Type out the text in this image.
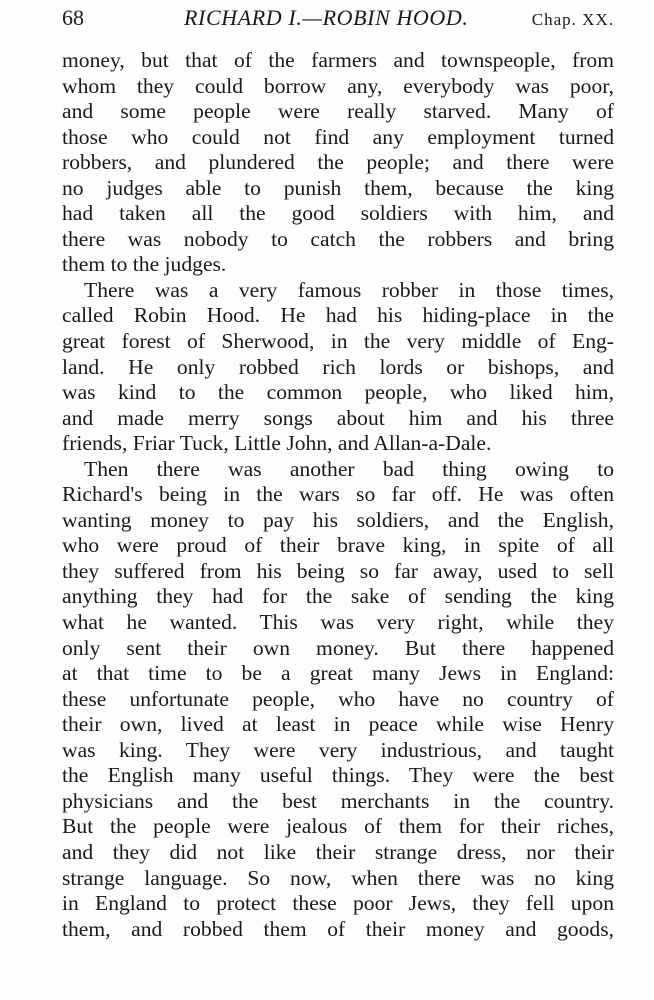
68	RICHARD I.—ROBIN HOOD.	Chap. XX.
money, but that of the farmers and townspeople, from
whom they could borrow any, everybody was poor,
and some people were really starved. Many of
those who could not find any employment turned
robbers, and plundered the people; and there were
no judges able to punish them, because the king
had taken all the good soldiers with him, and
there was nobody to catch the robbers and bring
them to the judges.
There was a very famous robber in those times,
called Robin Hood. He had his hiding-place in the
great forest of Sherwood, in the very middle of Eng-
land. He only robbed rich lords or bishops, and
was kind to the common people, who liked him,
and made merry songs about him and his three
friends, Friar Tuck, Little John, and Allan-a-Dale.
Then there was another bad thing owing to
Richard's being in the wars so far off. He was often
wanting money to pay his soldiers, and the English,
who were proud of their brave king, in spite of all
they suffered from his being so far away, used to sell
anything they had for the sake of sending the king
what he wanted. This was very right, while they
only sent their own money. But there happened
at that time to be a great many Jews in England:
these unfortunate people, who have no country of
their own, lived at least in peace while wise Henry
was king. They were very industrious, and taught
the English many useful things. They were the best
physicians and the best merchants in the country.
But the people were jealous of them for their riches,
and they did not like their strange dress, nor their
strange language. So now, when there was no king
in England to protect these poor Jews, they fell upon
them, and robbed them of their money and goods,
